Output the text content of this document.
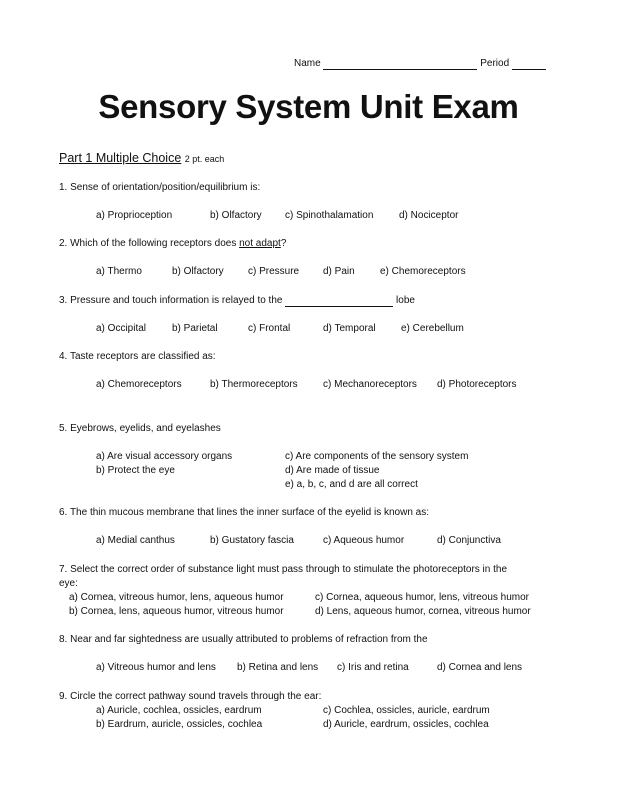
Name	Period
Sensory System Unit Exam
Part 1 Multiple Choice 2 pt. each
1. Sense of orientation/position/equilibrium is:
a) Proprioception	b) Olfactory c) Spinothalamation	d) Nociceptor
2. Which of the following receptors does not adapt?
a) Thermo	b) Olfactory c) Pressure d) Pain	e) Chemoreceptors
3. Pressure and touch information is relayed to the	lobe
a) Occipital	b) Parietal	c) Frontal	d) Temporal	e) Cerebellum
4. Taste receptors are classified as:
a) Chemoreceptors	b) Thermoreceptors	c) Mechanoreceptors d) Photoreceptors
5. Eyebrows, eyelids, and eyelashes
a) Are visual accessory organs
b) Protect the eye
c) Are components of the sensory system
d) Are made of tissue
e) a, b, c, and d are all correct
6. The thin mucous membrane that lines the inner surface of the eyelid is known as:
a) Medial canthus	b) Gustatory fascia	c) Aqueous humor	d) Conjunctiva
7. Select the correct order of substance light must pass through to stimulate the photoreceptors in the
eye:
a) Cornea, vitreous humor, lens, aqueous humor
b) Cornea, lens, aqueous humor, vitreous humor
c) Cornea, aqueous humor, lens, vitreous humor
d) Lens, aqueous humor, cornea, vitreous humor
8. Near and far sightedness are usually attributed to problems of refraction from the
a) Vitreous humor and lens b) Retina and lens c) Iris and retina	d) Cornea and lens
9. Circle the correct pathway sound travels through the ear:
a) Auricle, cochlea, ossicles, eardrum
b) Eardrum, auricle, ossicles, cochlea
c) Cochlea, ossicles, auricle, eardrum
d) Auricle, eardrum, ossicles, cochlea
